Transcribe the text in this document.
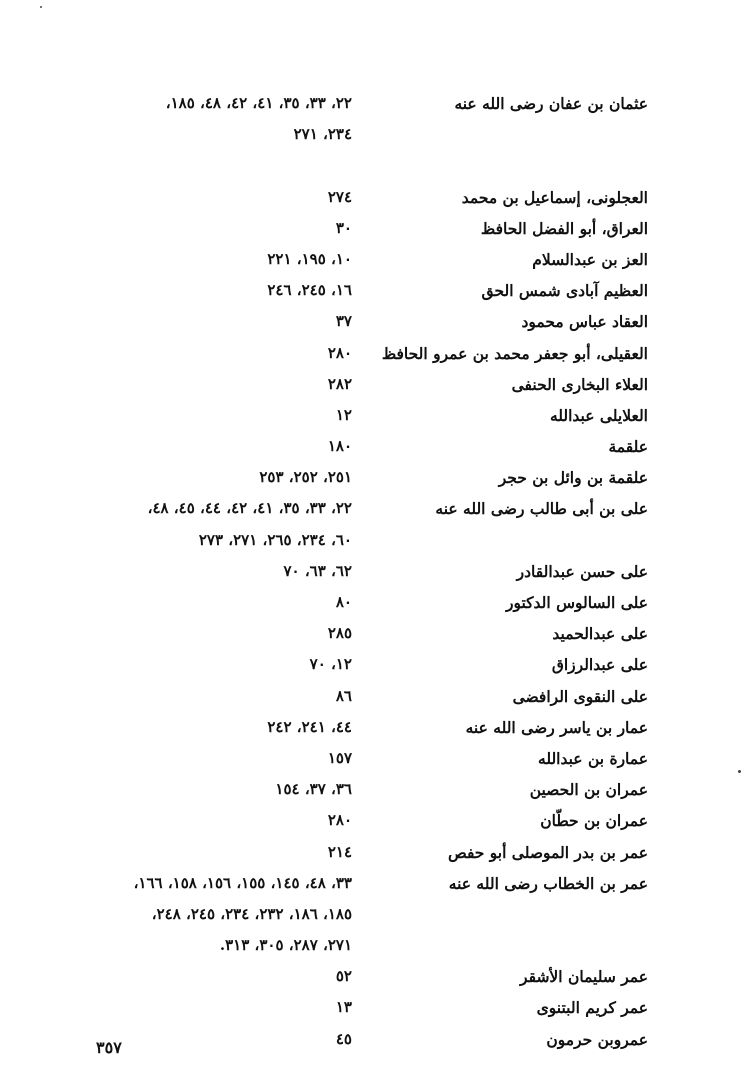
عثمان بن عفان رضى الله عنه
٢٢، ٣٣، ٣٥، ٤١، ٤٢، ٤٨، ١٨٥،
٢٣٤، ٢٧١
العجلونى، إسماعيل بن محمد
٢٧٤
العراق، أبو الفضل الحافظ
٣٠
العز بن عبدالسلام
١٠، ١٩٥، ٢٢١
العظيم آبادى شمس الحق
١٦، ٢٤٥، ٢٤٦
العقاد عباس محمود
٣٧
العقيلى، أبو جعفر محمد بن عمرو الحافظ
٢٨٠
العلاء البخارى الحنفى
٢٨٢
العلايلى عبدالله
١٢
علقمة
١٨٠
علقمة بن وائل بن حجر
٢٥١، ٢٥٢، ٢٥٣
على بن أبى طالب رضى الله عنه
٢٢، ٣٣، ٣٥، ٤١، ٤٢، ٤٤، ٤٥، ٤٨،
٦٠، ٢٣٤، ٢٦٥، ٢٧١، ٢٧٣
على حسن عبدالقادر
٦٢، ٦٣، ٧٠
على السالوس الدكتور
٨٠
على عبدالحميد
٢٨٥
على عبدالرزاق
١٢، ٧٠
على النقوى الرافضى
٨٦
عمار بن ياسر رضى الله عنه
٤٤، ٢٤١، ٢٤٢
عمارة بن عبدالله
١٥٧
عمران بن الحصين
٣٦، ٣٧، ١٥٤
عمران بن حطّان
٢٨٠
عمر بن بدر الموصلى أبو حفص
٢١٤
عمر بن الخطاب رضى الله عنه
٣٣، ٤٨، ١٤٥، ١٥٥، ١٥٦، ١٥٨، ١٦٦،
١٨٥، ١٨٦، ٢٣٢، ٢٣٤، ٢٤٥، ٢٤٨،
٢٧١، ٢٨٧، ٣٠٥، ٣١٣.
عمر سليمان الأشقر
٥٢
عمر كريم البتنوى
١٣
عمروبن حرمون
٤٥
٣٥٧
